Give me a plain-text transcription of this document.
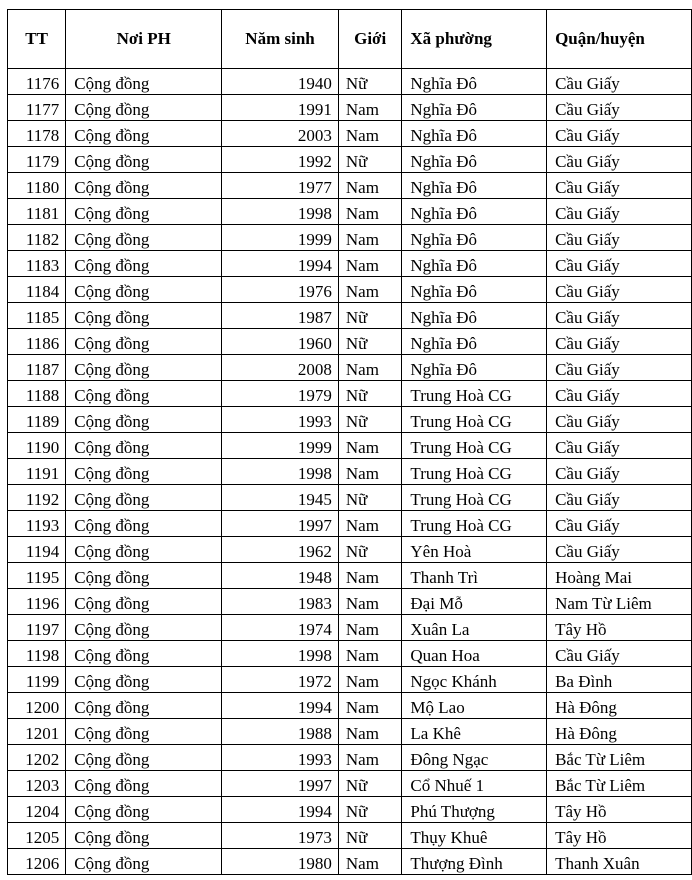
TT	Nơi PH	Năm sinh	Giới	Xã phường	Quận/huyện

1176	Cộng đồng	1940	Nữ	Nghĩa Đô	Cầu Giấy

1177	Cộng đồng	1991	Nam	Nghĩa Đô	Cầu Giấy

1178	Cộng đồng	2003	Nam	Nghĩa Đô	Cầu Giấy

1179	Cộng đồng	1992	Nữ	Nghĩa Đô	Cầu Giấy

1180	Cộng đồng	1977	Nam	Nghĩa Đô	Cầu Giấy

1181	Cộng đồng	1998	Nam	Nghĩa Đô	Cầu Giấy

1182	Cộng đồng	1999	Nam	Nghĩa Đô	Cầu Giấy

1183	Cộng đồng	1994	Nam	Nghĩa Đô	Cầu Giấy

1184	Cộng đồng	1976	Nam	Nghĩa Đô	Cầu Giấy

1185	Cộng đồng	1987	Nữ	Nghĩa Đô	Cầu Giấy

1186	Cộng đồng	1960	Nữ	Nghĩa Đô	Cầu Giấy

1187	Cộng đồng	2008	Nam	Nghĩa Đô	Cầu Giấy

1188	Cộng đồng	1979	Nữ	Trung Hoà CG	Cầu Giấy

1189	Cộng đồng	1993	Nữ	Trung Hoà CG	Cầu Giấy

1190	Cộng đồng	1999	Nam	Trung Hoà CG	Cầu Giấy

1191	Cộng đồng	1998	Nam	Trung Hoà CG	Cầu Giấy

1192	Cộng đồng	1945	Nữ	Trung Hoà CG	Cầu Giấy

1193	Cộng đồng	1997	Nam	Trung Hoà CG	Cầu Giấy

1194	Cộng đồng	1962	Nữ	Yên Hoà	Cầu Giấy

1195	Cộng đồng	1948	Nam	Thanh Trì	Hoàng Mai

1196	Cộng đồng	1983	Nam	Đại Mỗ	Nam Từ Liêm

1197	Cộng đồng	1974	Nam	Xuân La	Tây Hồ

1198	Cộng đồng	1998	Nam	Quan Hoa	Cầu Giấy

1199	Cộng đồng	1972	Nam	Ngọc Khánh	Ba Đình

1200	Cộng đồng	1994	Nam	Mộ Lao	Hà Đông

1201	Cộng đồng	1988	Nam	La Khê	Hà Đông

1202	Cộng đồng	1993	Nam	Đông Ngạc	Bắc Từ Liêm

1203	Cộng đồng	1997	Nữ	Cổ Nhuế 1	Bắc Từ Liêm

1204	Cộng đồng	1994	Nữ	Phú Thượng	Tây Hồ

1205	Cộng đồng	1973	Nữ	Thụy Khuê	Tây Hồ

1206	Cộng đồng	1980	Nam	Thượng Đình	Thanh Xuân
